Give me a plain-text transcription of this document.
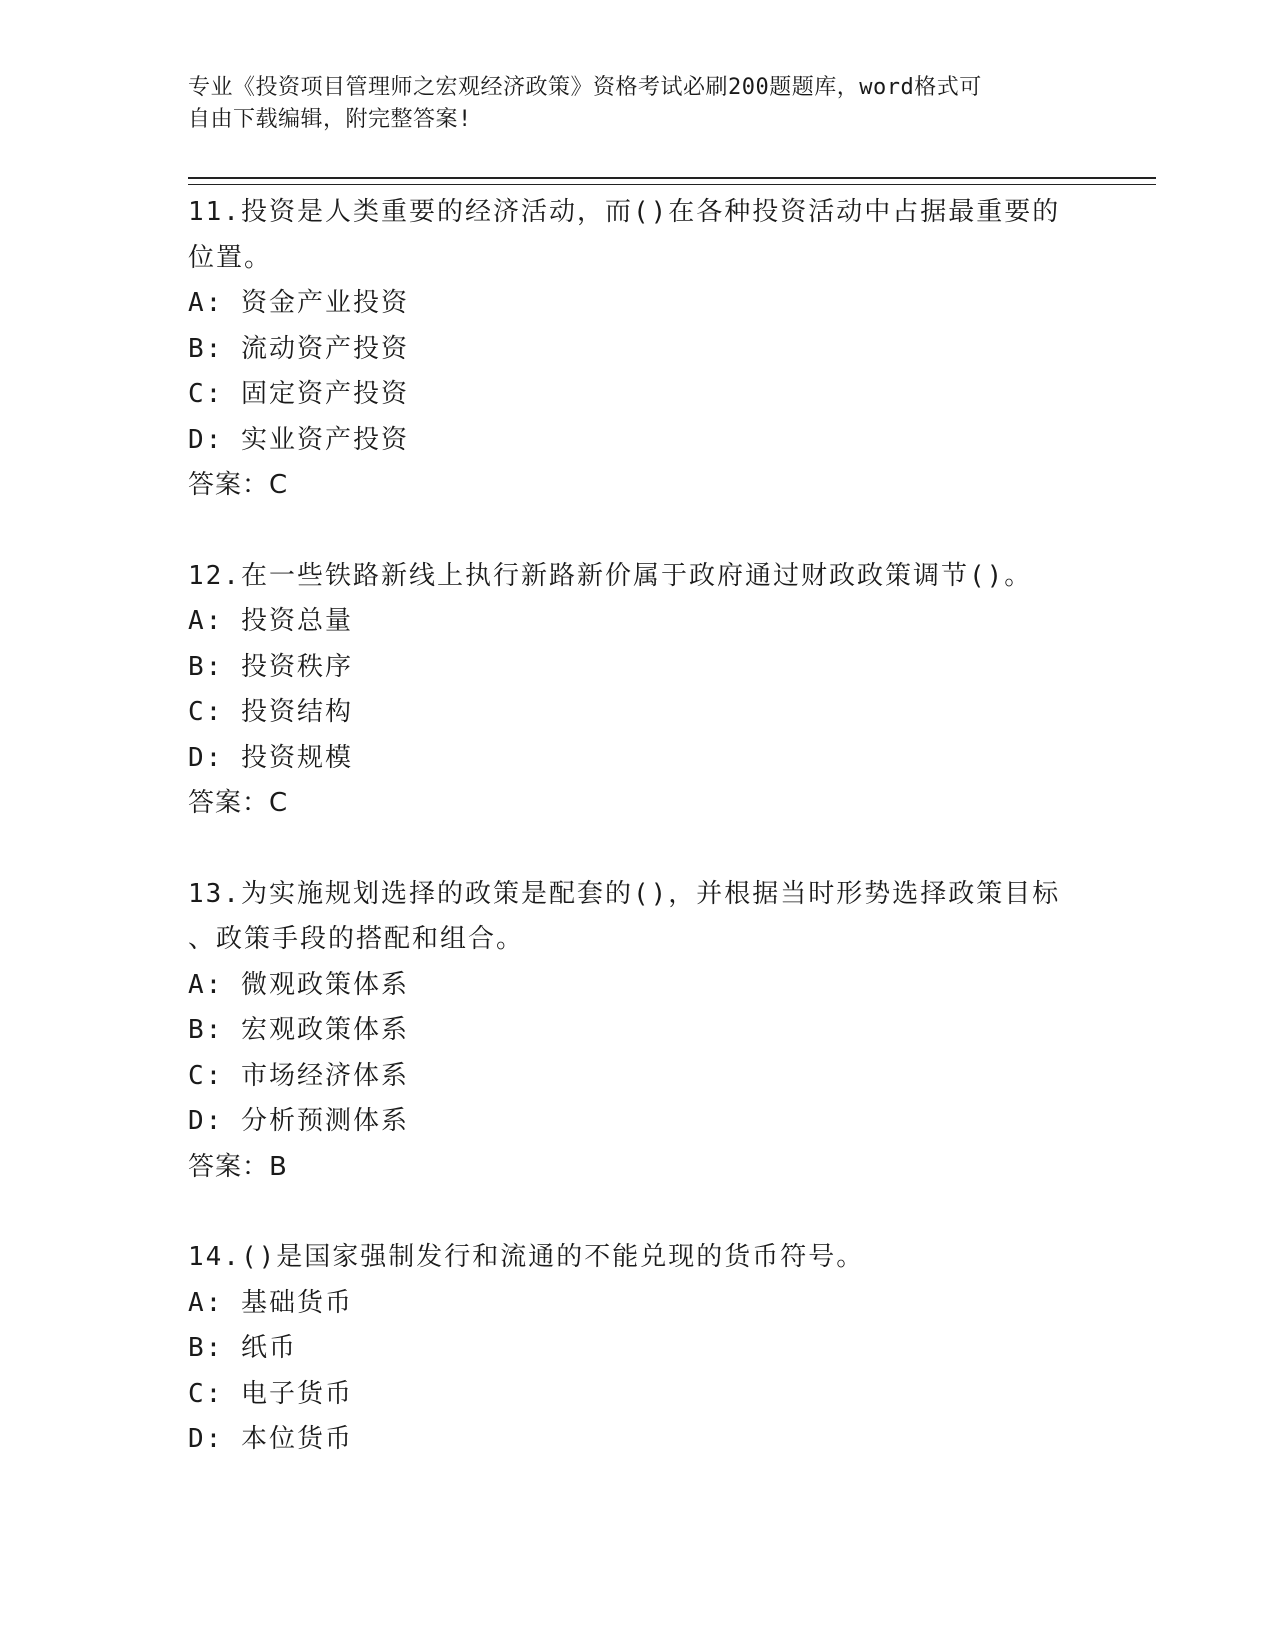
专业《投资项目管理师之宏观经济政策》资格考试必刷200题题库，word格式可
自由下载编辑，附完整答案!
11.投资是人类重要的经济活动，而()在各种投资活动中占据最重要的
位置。
A: 资金产业投资
B: 流动资产投资
C: 固定资产投资
D: 实业资产投资
答案：C
12.在一些铁路新线上执行新路新价属于政府通过财政政策调节()。
A: 投资总量
B: 投资秩序
C: 投资结构
D: 投资规模
答案：C
13.为实施规划选择的政策是配套的()，并根据当时形势选择政策目标
、政策手段的搭配和组合。
A: 微观政策体系
B: 宏观政策体系
C: 市场经济体系
D: 分析预测体系
答案：B
14.()是国家强制发行和流通的不能兑现的货币符号。
A: 基础货币
B: 纸币
C: 电子货币
D: 本位货币
